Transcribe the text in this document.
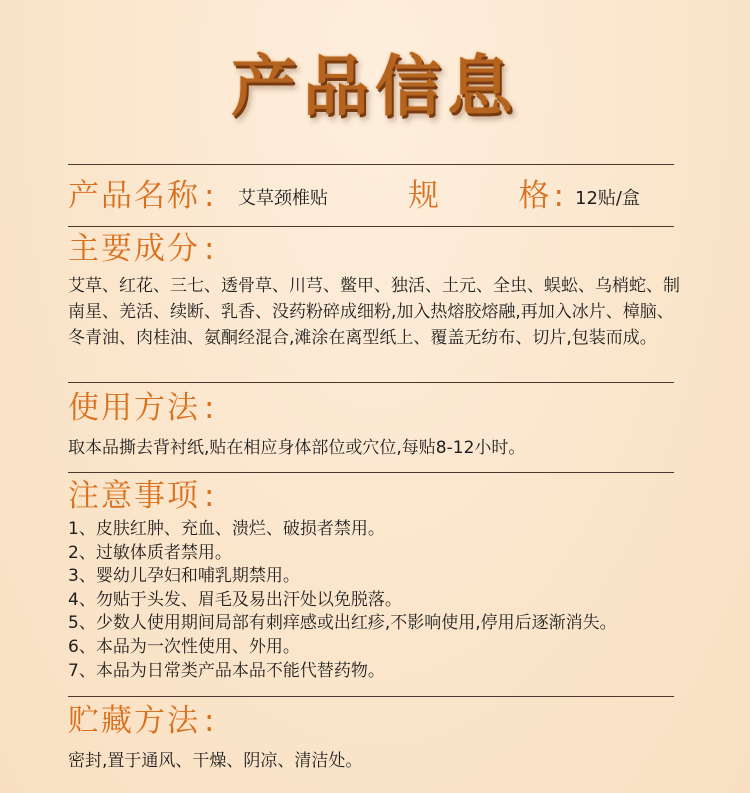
产品信息
产品名称 : 艾草颈椎贴	规	格 : 12贴/盒
主要成分 :

艾草、红花、三七、透骨草、川芎、鳖甲、独活、土元、全虫、蜈蚣、乌梢蛇、制南星、羌活、续断、乳香、没药粉碎成细粉,加入热熔胶熔融,再加入冰片、樟脑、冬青油、肉桂油、氨酮经混合,滩涂在离型纸上、覆盖无纺布、切片,包装而成。

使用方法 :

取本品撕去背衬纸,贴在相应身体部位或穴位,每贴8-12小时。

注意事项 :
1、皮肤红肿、充血、溃烂、破损者禁用。
2、过敏体质者禁用。
3、婴幼儿孕妇和哺乳期禁用。
4、勿贴于头发、眉毛及易出汗处以免脱落。
5、少数人使用期间局部有刺痒感或出红疹,不影响使用,停用后逐渐消失。
6、本品为一次性使用、外用。
7、本品为日常类产品本品不能代替药物。
贮藏方法 :

密封,置于通风、干燥、阴凉、清洁处。
